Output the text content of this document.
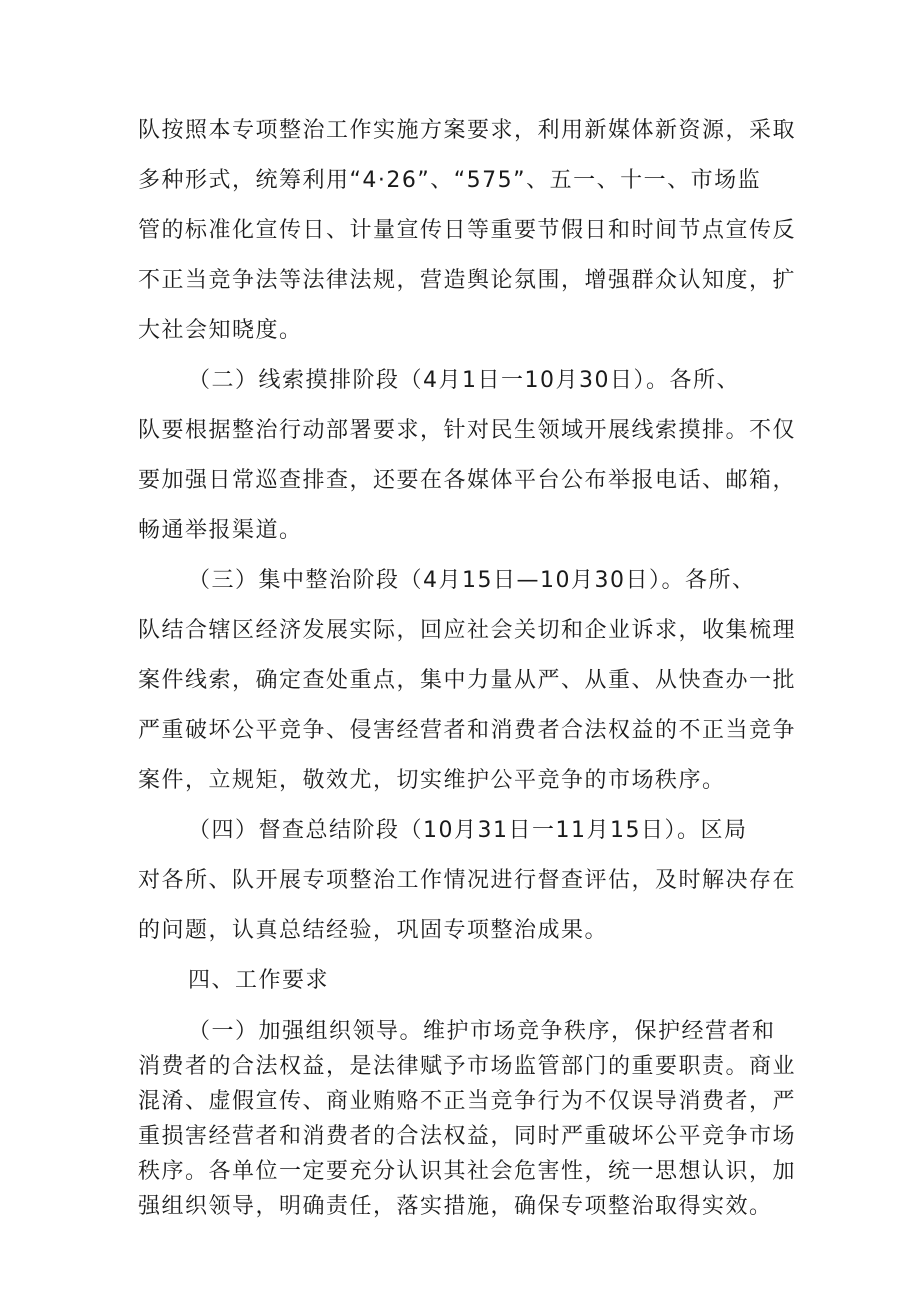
队按照本专项整治工作实施方案要求，利用新媒体新资源，采取
多种形式，统筹利用“4·26”、“575”、五一、十一、市场监
管的标准化宣传日、计量宣传日等重要节假日和时间节点宣传反
不正当竞争法等法律法规，营造舆论氛围，增强群众认知度，扩
大社会知晓度。
（二）线索摸排阶段（4月1日一10月30日）。各所、
队要根据整治行动部署要求，针对民生领域开展线索摸排。不仅
要加强日常巡查排查，还要在各媒体平台公布举报电话、邮箱，
畅通举报渠道。
（三）集中整治阶段（4月15日—10月30日）。各所、
队结合辖区经济发展实际，回应社会关切和企业诉求，收集梳理
案件线索，确定查处重点，集中力量从严、从重、从快查办一批
严重破坏公平竞争、侵害经营者和消费者合法权益的不正当竞争
案件，立规矩，敬效尤，切实维护公平竞争的市场秩序。
（四）督查总结阶段（10月31日一11月15日）。区局
对各所、队开展专项整治工作情况进行督查评估，及时解决存在
的问题，认真总结经验，巩固专项整治成果。
四、工作要求
（一）加强组织领导。维护市场竞争秩序，保护经营者和
消费者的合法权益，是法律赋予市场监管部门的重要职责。商业
混淆、虚假宣传、商业贿赂不正当竞争行为不仅误导消费者，严
重损害经营者和消费者的合法权益，同时严重破坏公平竞争市场
秩序。各单位一定要充分认识其社会危害性，统一思想认识，加
强组织领导，明确责任，落实措施，确保专项整治取得实效。
